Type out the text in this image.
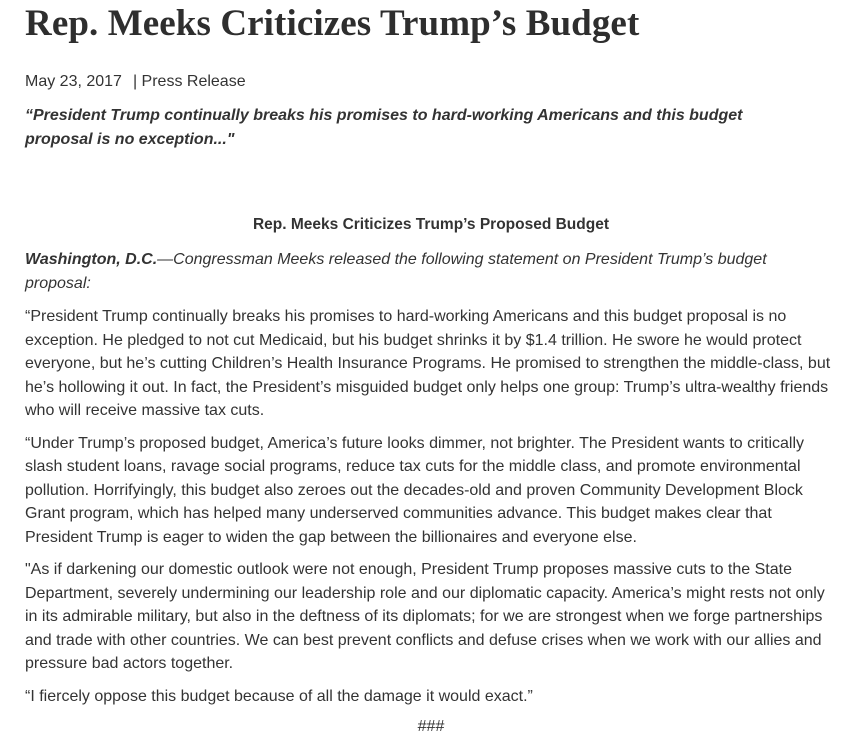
Rep. Meeks Criticizes Trump’s Budget
May 23, 2017 | Press Release
“President Trump continually breaks his promises to hard-working Americans and this budget proposal is no exception..."
Rep. Meeks Criticizes Trump’s Proposed Budget
Washington, D.C.—Congressman Meeks released the following statement on President Trump’s budget proposal:
“President Trump continually breaks his promises to hard-working Americans and this budget proposal is no exception. He pledged to not cut Medicaid, but his budget shrinks it by $1.4 trillion. He swore he would protect everyone, but he’s cutting Children’s Health Insurance Programs. He promised to strengthen the middle-class, but he’s hollowing it out. In fact, the President’s misguided budget only helps one group: Trump’s ultra-wealthy friends who will receive massive tax cuts.
“Under Trump’s proposed budget, America’s future looks dimmer, not brighter. The President wants to critically slash student loans, ravage social programs, reduce tax cuts for the middle class, and promote environmental pollution. Horrifyingly, this budget also zeroes out the decades-old and proven Community Development Block Grant program, which has helped many underserved communities advance. This budget makes clear that President Trump is eager to widen the gap between the billionaires and everyone else.
"As if darkening our domestic outlook were not enough, President Trump proposes massive cuts to the State Department, severely undermining our leadership role and our diplomatic capacity. America’s might rests not only in its admirable military, but also in the deftness of its diplomats; for we are strongest when we forge partnerships and trade with other countries. We can best prevent conflicts and defuse crises when we work with our allies and pressure bad actors together.
“I fiercely oppose this budget because of all the damage it would exact.”
###
